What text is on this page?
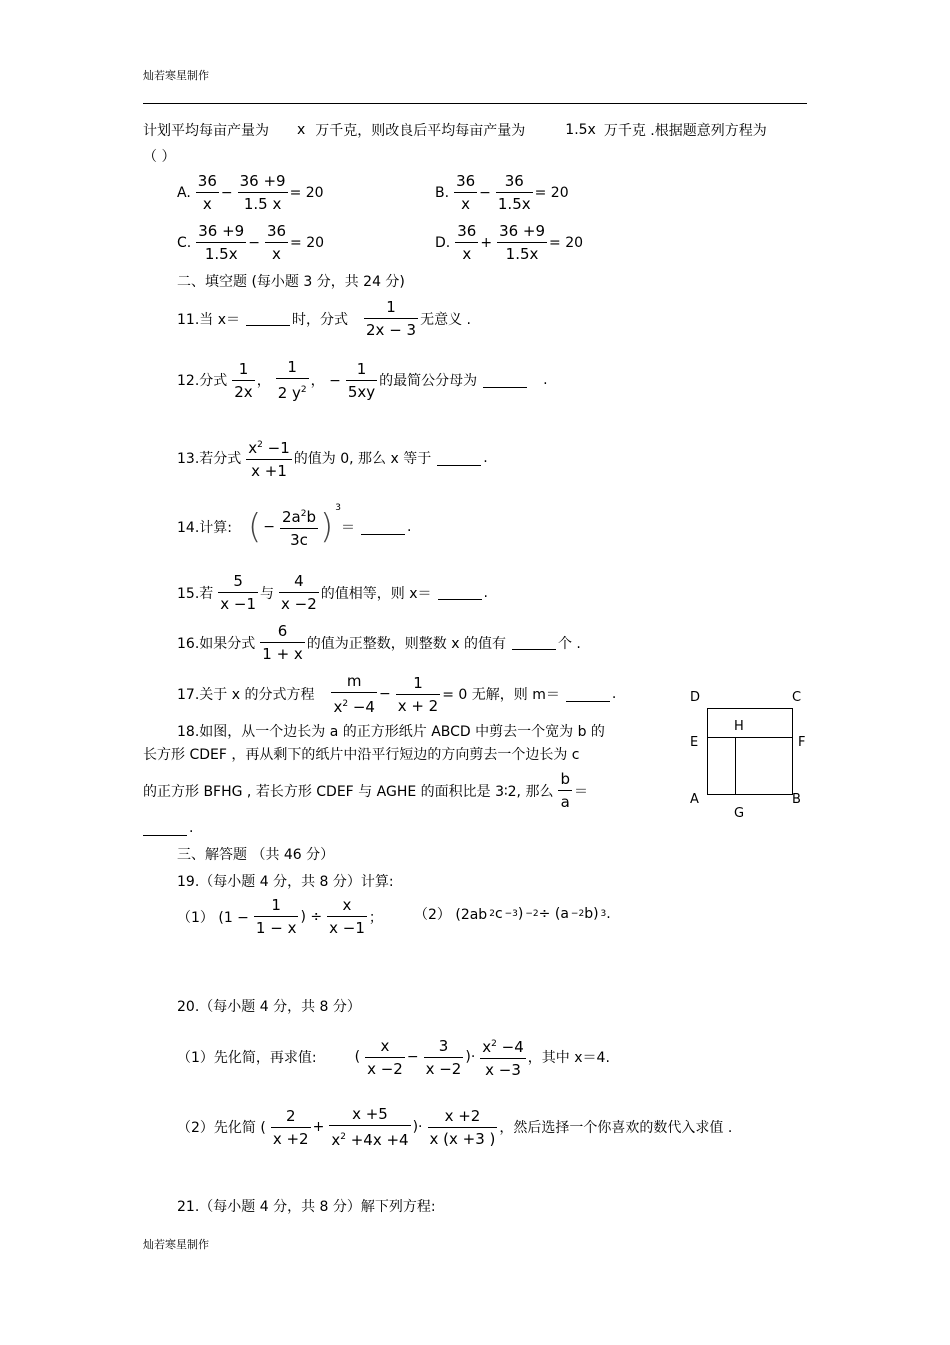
灿若寒星制作
计划平均每亩产量为 x 万千克，则改良后平均每亩产量为	1.5x 万千克 .根据题意列方程为
（ ）
A. $\frac{36}{x} - \frac{36 +9}{1.5 x} = 20$	B. $\frac{36}{x} - \frac{36}{1.5x} = 20$
C. $\frac{36 +9}{1.5x} - \frac{36}{x} = 20$	D. $\frac{36}{x} + \frac{36 +9}{1.5x} = 20$
二、填空题 (每小题 3 分，共 24 分)
11.当 x＝	时，分式 $\frac{1}{2x - 3}$ 无意义 .
12.分式 $\frac{1}{2x}$ ， $\frac{1}{2 y^2}$ ， − $\frac{1}{5xy}$ 的最简公分母为	.
13.若分式 $\frac{x^2 -1}{x +1}$ 的值为 0, 那么 x 等于	.
14.计算: ( − $\frac{2a^2b}{3c} )^3$
＝	.
15.若 $\frac{5}{x -1}$ 与 $\frac{4}{x -2}$ 的值相等，则 x＝	.
16.如果分式 $\frac{6}{1 + x}$ 的值为正整数，则整数 x 的值有	个 .
17.关于 x 的分式方程 $\frac{m}{x^2 -4} - \frac{1}{x + 2} = 0$ 无解，则 m＝	.
18.如图，从一个边长为 a 的正方形纸片 ABCD 中剪去一个宽为 b 的
长方形 CDEF ，再从剩下的纸片中沿平行短边的方向剪去一个边长为 c
的正方形 BFHG , 若长方形 CDEF 与 AGHE 的面积比是 3∶2, 那么 $\frac{b}{a}$ ＝
.
D	C
H
E	F
A	B
G
三、解答题 （共 46 分）
19.（每小题 4 分，共 8 分）计算:
（1） ($1 - \frac{1}{1 - x}$ ) ÷ $\frac{x}{x -1}$ ； （2） (2ab 2 c −3 ) −2 ÷ (a −2 b) 3 .
20.（每小题 4 分，共 8 分）
（1）先化简，再求值:	( $\frac{x}{x -2} - \frac{3}{x -2}$ )· $\frac{x^2 -4}{x -3}$ ，其中 x＝4.
（2）先化简 ( $\frac{2}{x +2} + \frac{x +5}{x^2 +4x +4}$ )· $\frac{x +2}{x (x +3 )}$ ，然后选择一个你喜欢的数代入求值 .
21.（每小题 4 分，共 8 分）解下列方程:
灿若寒星制作
